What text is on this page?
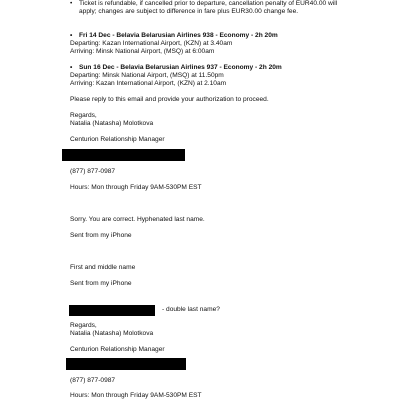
• Ticket is refundable, if cancelled prior to departure, cancellation penalty of EUR40.00 will
apply; changes are subject to difference in fare plus EUR30.00 change fee.
• Fri 14 Dec - Belavia Belarusian Airlines 938 - Economy - 2h 20m
Departing: Kazan International Airport, (KZN) at 3.40am
Arriving: Minsk National Airport, (MSQ) at 6:00am
• Sun 16 Dec - Belavia Belarusian Airlines 937 - Economy - 2h 20m
Departing: Minsk National Airport, (MSQ) at 11.50pm
Arriving: Kazan International Airport, (KZN) at 2.10am
Please reply to this email and provide your authorization to proceed.
Regards,
Natalia (Natasha) Molotkova
Centurion Relationship Manager
(877) 877-0987
Hours: Mon through Friday 9AM-530PM EST
Sorry. You are correct. Hyphenated last name.
Sent from my iPhone
First and middle name
Sent from my iPhone
- double last name?
Regards,
Natalia (Natasha) Molotkova
Centurion Relationship Manager
(877) 877-0987
Hours: Mon through Friday 9AM-530PM EST
